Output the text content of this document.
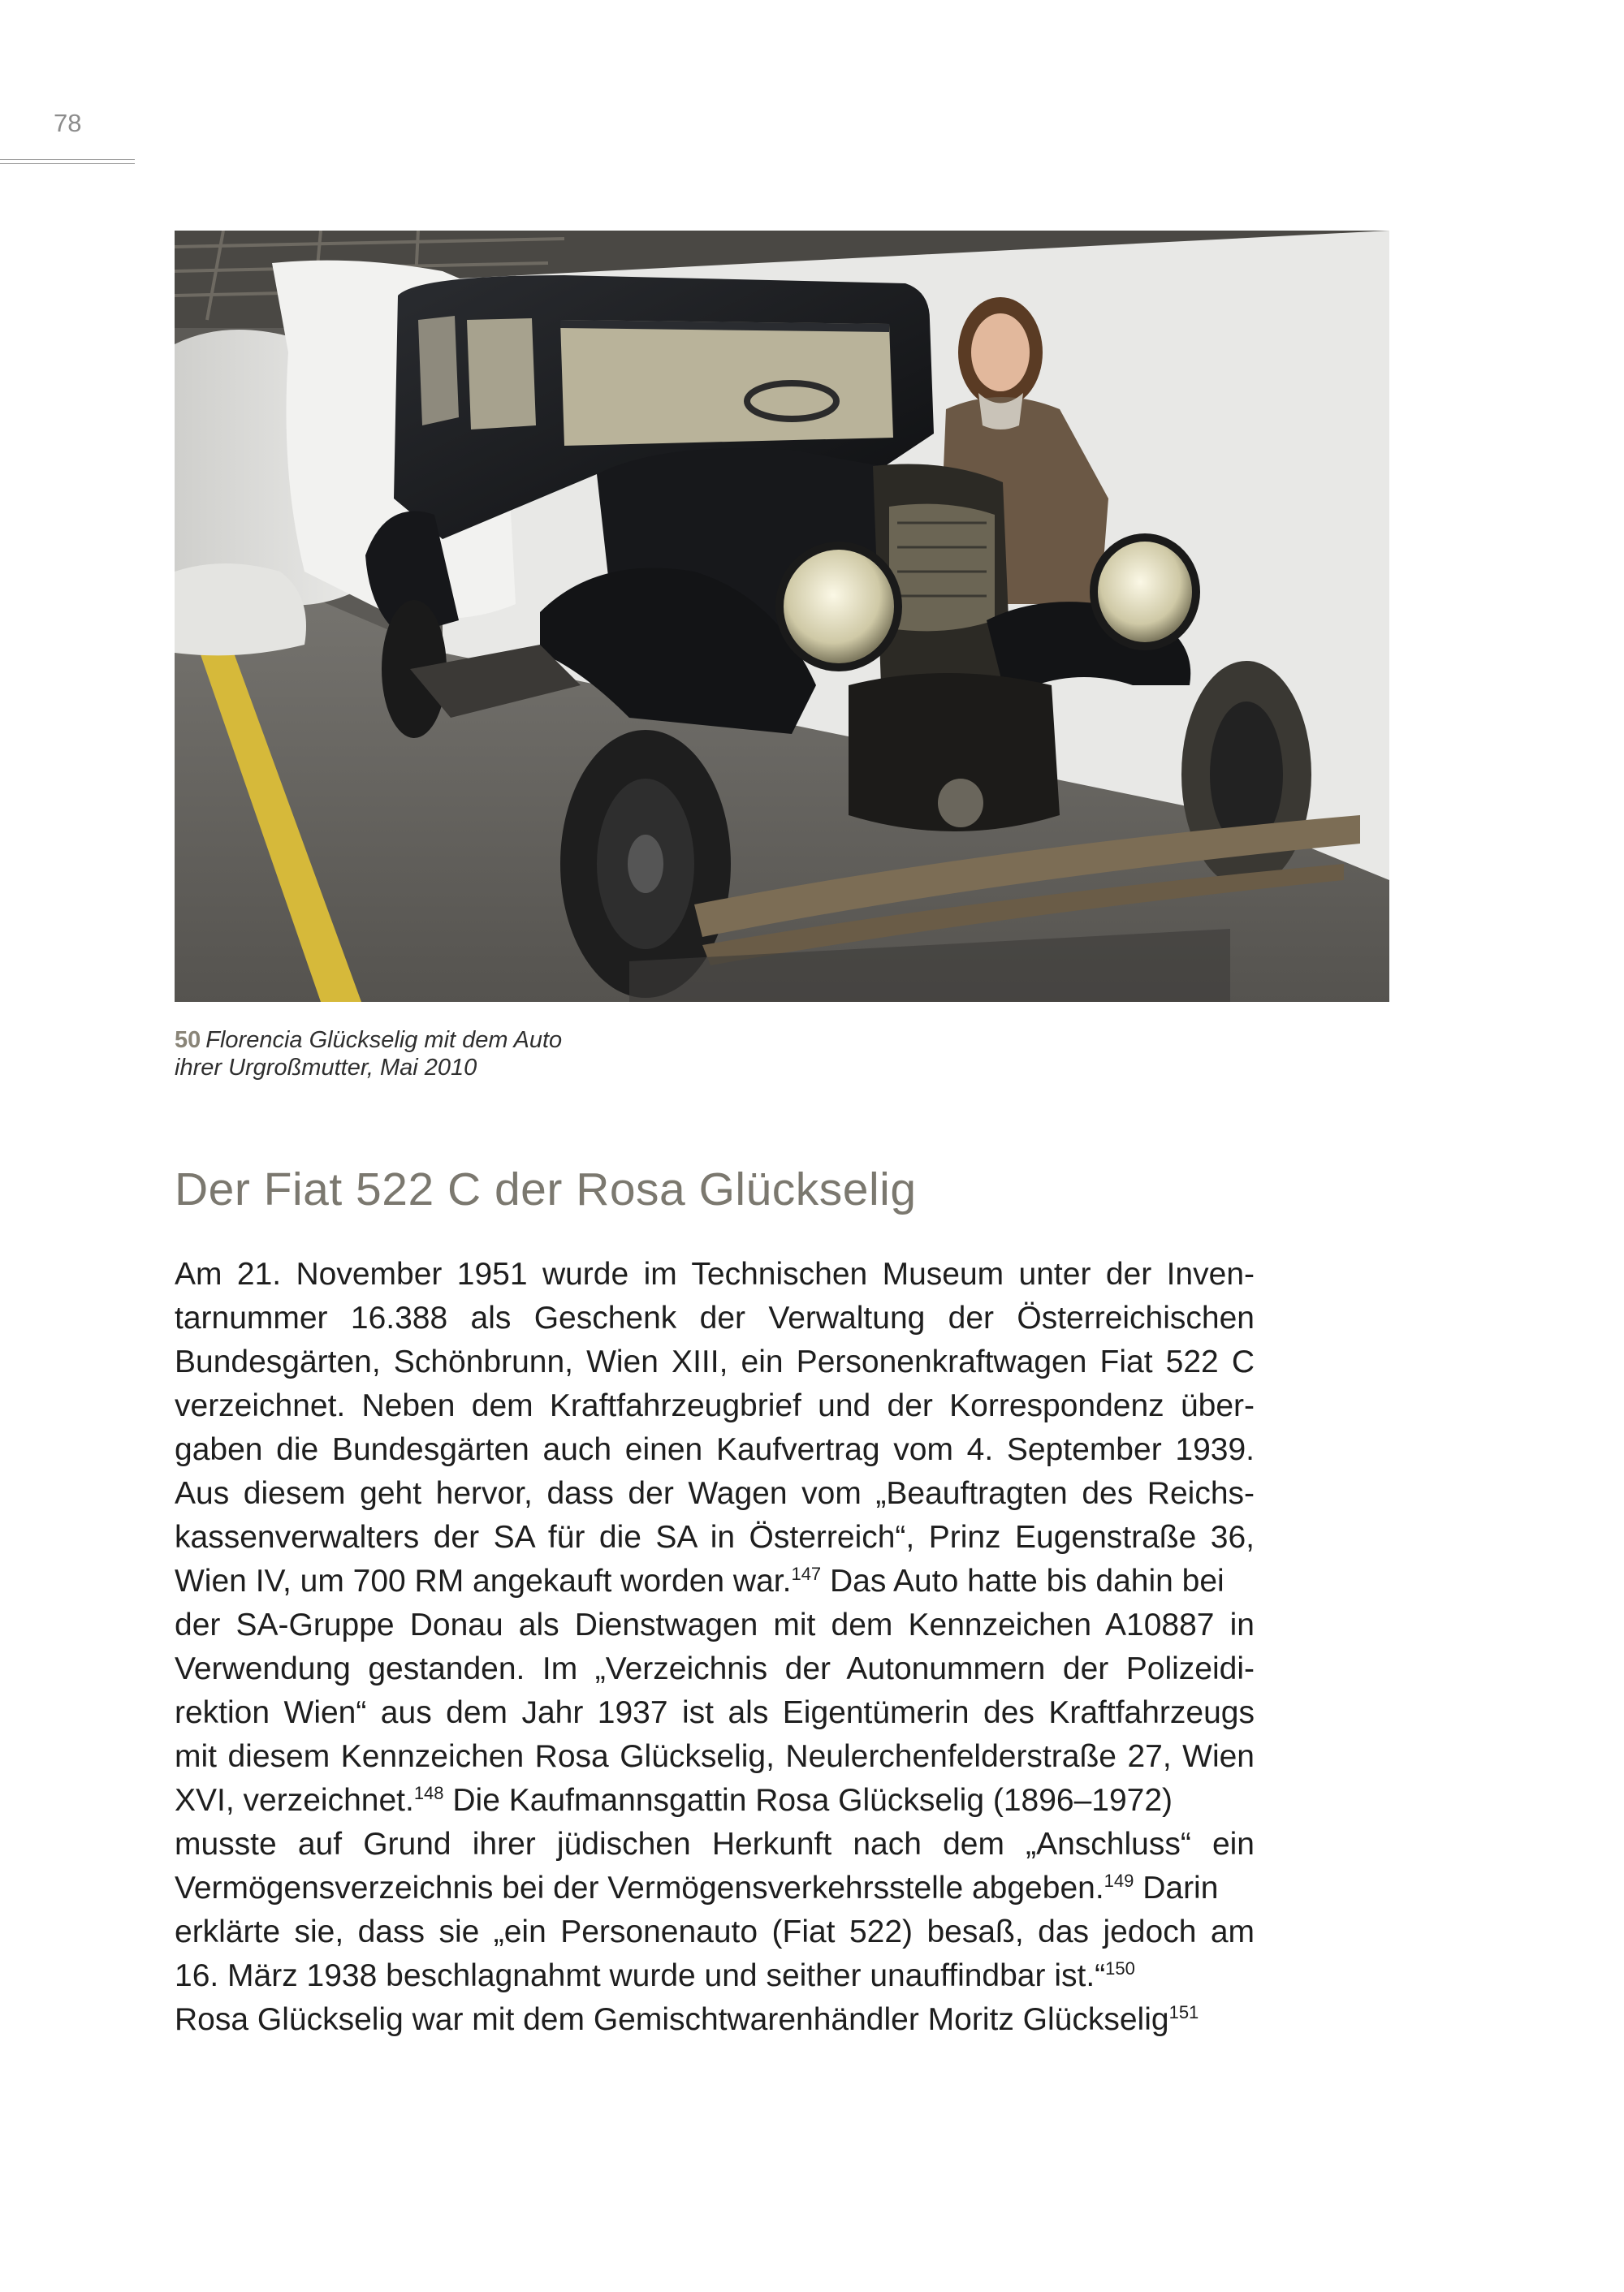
78
50 Florencia Glückselig mit dem Auto
ihrer Urgroßmutter, Mai 2010
Der Fiat 522 C der Rosa Glückselig

Am 21. November 1951 wurde im Technischen Museum unter der Inven-
tarnummer 16.388 als Geschenk der Verwaltung der Österreichischen
Bundesgärten, Schönbrunn, Wien XIII, ein Personenkraftwagen Fiat 522 C
verzeichnet. Neben dem Kraftfahrzeugbrief und der Korrespondenz über-
gaben die Bundesgärten auch einen Kaufvertrag vom 4. September 1939.
Aus diesem geht hervor, dass der Wagen vom „Beauftragten des Reichs-
kassenverwalters der SA für die SA in Österreich“, Prinz Eugenstraße 36,
Wien IV, um 700 RM angekauft worden war.$^{147}$ Das Auto hatte bis dahin bei
der SA-Gruppe Donau als Dienstwagen mit dem Kennzeichen A10887 in
Verwendung gestanden. Im „Verzeichnis der Autonummern der Polizeidi-
rektion Wien“ aus dem Jahr 1937 ist als Eigentümerin des Kraftfahrzeugs
mit diesem Kennzeichen Rosa Glückselig, Neulerchenfelderstraße 27, Wien
XVI, verzeichnet.$^{148}$ Die Kaufmannsgattin Rosa Glückselig (1896–1972)
musste auf Grund ihrer jüdischen Herkunft nach dem „Anschluss“ ein
Vermögensverzeichnis bei der Vermögensverkehrsstelle abgeben.$^{149}$ Darin
erklärte sie, dass sie „ein Personenauto (Fiat 522) besaß, das jedoch am
16. März 1938 beschlagnahmt wurde und seither unauffindbar ist.“$^{150}$
Rosa Glückselig war mit dem Gemischtwarenhändler Moritz Glückselig$^{151}$
